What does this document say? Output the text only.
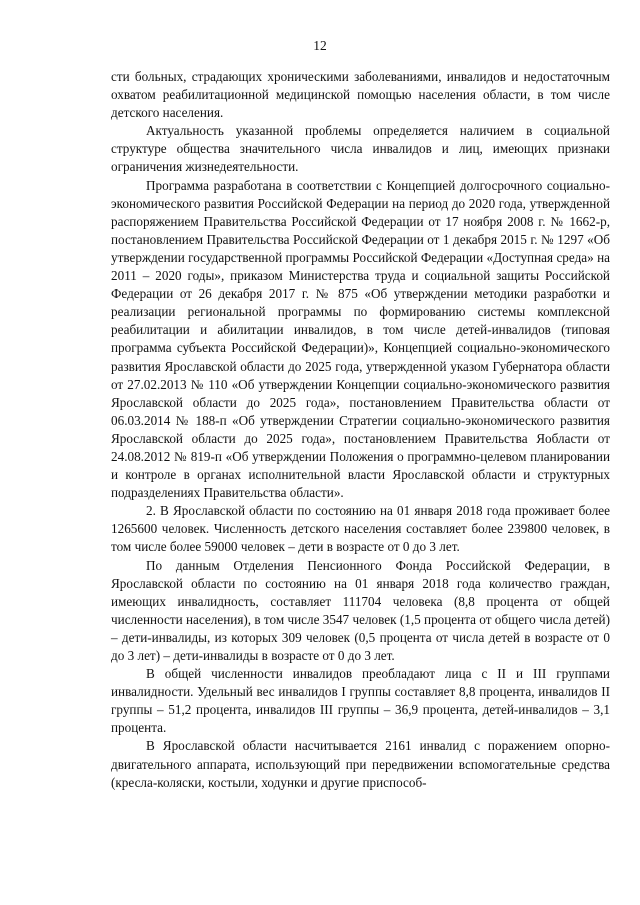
12

сти больных, страдающих хроническими заболеваниями, инвалидов и недостаточным охватом реабилитационной медицинской помощью населения области, в том числе детского населения.

Актуальность указанной проблемы определяется наличием в социальной структуре общества значительного числа инвалидов и лиц, имеющих признаки ограничения жизнедеятельности.

Программа разработана в соответствии с Концепцией долгосрочного социально-экономического развития Российской Федерации на период до 2020 года, утвержденной распоряжением Правительства Российской Федерации от 17 ноября 2008 г. № 1662-р, постановлением Правительства Российской Федерации от 1 декабря 2015 г. № 1297 «Об утверждении государственной программы Российской Федерации «Доступная среда» на 2011 – 2020 годы», приказом Министерства труда и социальной защиты Российской Федерации от 26 декабря 2017 г. № 875 «Об утверждении методики разработки и реализации региональной программы по формированию системы комплексной реабилитации и абилитации инвалидов, в том числе детей-инвалидов (типовая программа субъекта Российской Федерации)», Концепцией социально-экономического развития Ярославской области до 2025 года, утвержденной указом Губернатора области от 27.02.2013 № 110 «Об утверждении Концепции социально-экономического развития Ярославской области до 2025 года», постановлением Правительства области от 06.03.2014 № 188-п «Об утверждении Стратегии социально-экономического развития Ярославской области до 2025 года», постановлением Правительства Яобласти от 24.08.2012 № 819-п «Об утверждении Положения о программно-целевом планировании и контроле в органах исполнительной власти Ярославской области и структурных подразделениях Правительства области».

2. В Ярославской области по состоянию на 01 января 2018 года проживает более 1265600 человек. Численность детского населения составляет более 239800 человек, в том числе более 59000 человек – дети в возрасте от 0 до 3 лет.

По данным Отделения Пенсионного Фонда Российской Федерации, в Ярославской области по состоянию на 01 января 2018 года количество граждан, имеющих инвалидность, составляет 111704 человека (8,8 процента от общей численности населения), в том числе 3547 человек (1,5 процента от общего числа детей) – дети-инвалиды, из которых 309 человек (0,5 процента от числа детей в возрасте от 0 до 3 лет) – дети-инвалиды в возрасте от 0 до 3 лет.

В общей численности инвалидов преобладают лица с II и III группами инвалидности. Удельный вес инвалидов I группы составляет 8,8 процента, инвалидов II группы – 51,2 процента, инвалидов III группы – 36,9 процента, детей-инвалидов – 3,1 процента.

В Ярославской области насчитывается 2161 инвалид с поражением опорно-двигательного аппарата, использующий при передвижении вспомогательные средства (кресла-коляски, костыли, ходунки и другие приспособ-
